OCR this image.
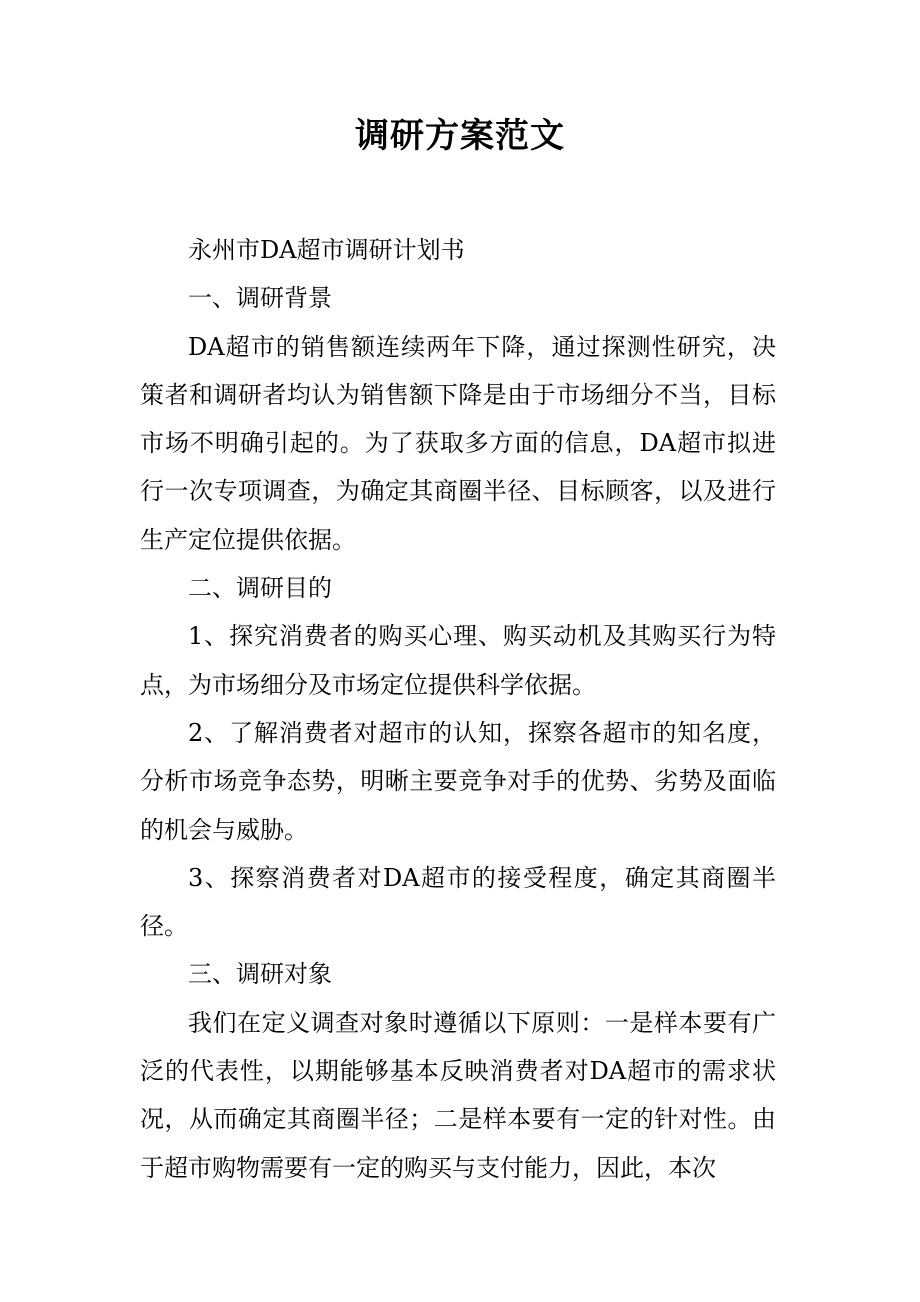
调研方案范文

永州市DA超市调研计划书

一、调研背景

DA超市的销售额连续两年下降，通过探测性研究，决策者和调研者均认为销售额下降是由于市场细分不当，目标市场不明确引起的。为了获取多方面的信息，DA超市拟进行一次专项调查，为确定其商圈半径、目标顾客，以及进行生产定位提供依据。

二、调研目的

1、探究消费者的购买心理、购买动机及其购买行为特点，为市场细分及市场定位提供科学依据。

2、了解消费者对超市的认知，探察各超市的知名度，分析市场竞争态势，明晰主要竞争对手的优势、劣势及面临的机会与威胁。

3、探察消费者对DA超市的接受程度，确定其商圈半径。

三、调研对象

我们在定义调查对象时遵循以下原则：一是样本要有广泛的代表性，以期能够基本反映消费者对DA超市的需求状况，从而确定其商圈半径；二是样本要有一定的针对性。由于超市购物需要有一定的购买与支付能力，因此，本次
